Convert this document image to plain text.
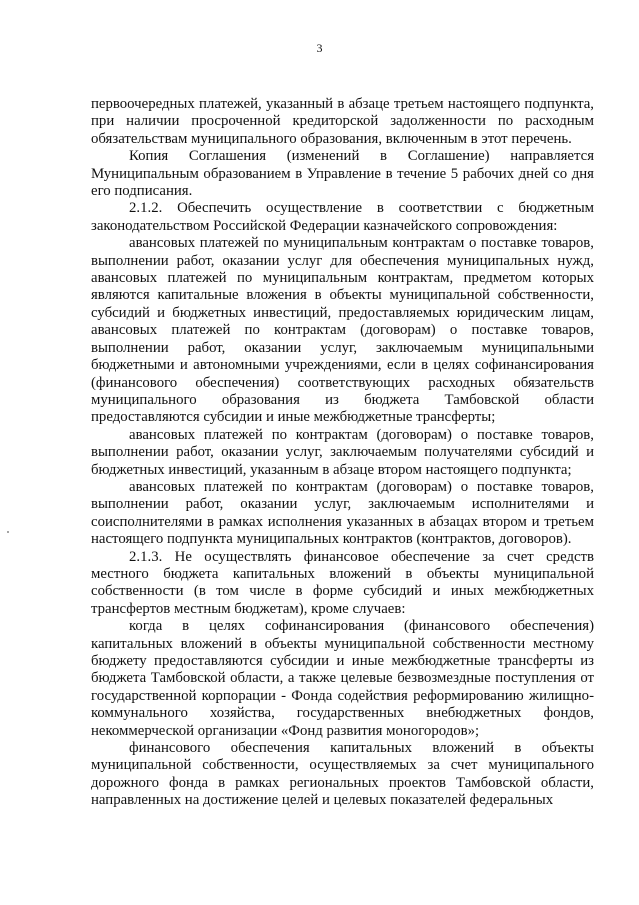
3

первоочередных платежей, указанный в абзаце третьем настоящего подпункта, при наличии просроченной кредиторской задолженности по расходным обязательствам муниципального образования, включенным в этот перечень.

Копия Соглашения (изменений в Соглашение) направляется Муниципальным образованием в Управление в течение 5 рабочих дней со дня его подписания.

2.1.2. Обеспечить осуществление в соответствии с бюджетным законодательством Российской Федерации казначейского сопровождения:

авансовых платежей по муниципальным контрактам о поставке товаров, выполнении работ, оказании услуг для обеспечения муниципальных нужд, авансовых платежей по муниципальным контрактам, предметом которых являются капитальные вложения в объекты муниципальной собственности, субсидий и бюджетных инвестиций, предоставляемых юридическим лицам, авансовых платежей по контрактам (договорам) о поставке товаров, выполнении работ, оказании услуг, заключаемым муниципальными бюджетными и автономными учреждениями, если в целях софинансирования (финансового обеспечения) соответствующих расходных обязательств муниципального образования из бюджета Тамбовской области предоставляются субсидии и иные межбюджетные трансферты;

авансовых платежей по контрактам (договорам) о поставке товаров, выполнении работ, оказании услуг, заключаемым получателями субсидий и бюджетных инвестиций, указанным в абзаце втором настоящего подпункта;

авансовых платежей по контрактам (договорам) о поставке товаров, выполнении работ, оказании услуг, заключаемым исполнителями и соисполнителями в рамках исполнения указанных в абзацах втором и третьем настоящего подпункта муниципальных контрактов (контрактов, договоров).

2.1.3. Не осуществлять финансовое обеспечение за счет средств местного бюджета капитальных вложений в объекты муниципальной собственности (в том числе в форме субсидий и иных межбюджетных трансфертов местным бюджетам), кроме случаев:

когда в целях софинансирования (финансового обеспечения) капитальных вложений в объекты муниципальной собственности местному бюджету предоставляются субсидии и иные межбюджетные трансферты из бюджета Тамбовской области, а также целевые безвозмездные поступления от государственной корпорации - Фонда содействия реформированию жилищно-коммунального хозяйства, государственных внебюджетных фондов, некоммерческой организации «Фонд развития моногородов»;

финансового обеспечения капитальных вложений в объекты муниципальной собственности, осуществляемых за счет муниципального дорожного фонда в рамках региональных проектов Тамбовской области, направленных на достижение целей и целевых показателей федеральных
